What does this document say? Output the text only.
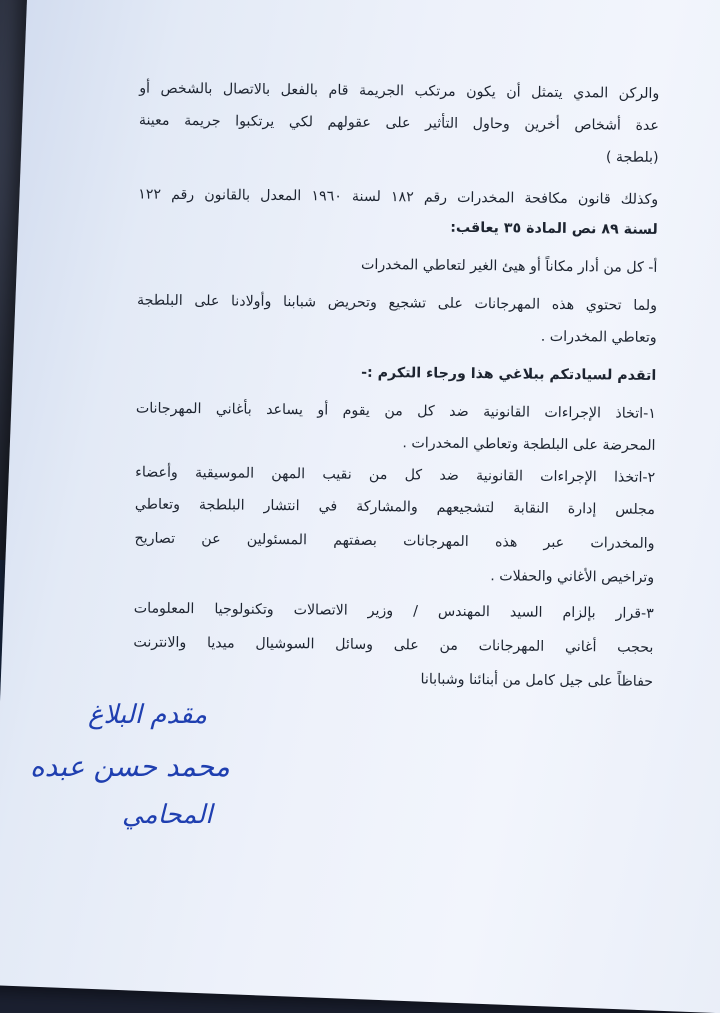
والركن المدي يتمثل أن يكون مرتكب الجريمة قام بالفعل بالاتصال بالشخص أو
عدة أشخاص أخرين وحاول التأثير على عقولهم لكي يرتكبوا جريمة معينة
(بلطجة )
وكذلك قانون مكافحة المخدرات رقم ١٨٢ لسنة ١٩٦٠ المعدل بالقانون رقم ١٢٢
لسنة ٨٩ نص المادة ٣٥ يعاقب:
أ- كل من أدار مكاناً أو هيئ الغير لتعاطي المخدرات
ولما تحتوي هذه المهرجانات على تشجيع وتحريض شبابنا وأولادنا على البلطجة
وتعاطي المخدرات .
اتقدم لسيادتكم ببلاغي هذا ورجاء التكرم :-
١-اتخاذ الإجراءات القانونية ضد كل من يقوم أو يساعد بأغاني المهرجانات
المحرضة على البلطجة وتعاطي المخدرات .
٢-اتخذا الإجراءات القانونية ضد كل من نقيب المهن الموسيقية وأعضاء
مجلس إدارة النقابة لتشجيعهم والمشاركة في انتشار البلطجة وتعاطي
والمخدرات عبر هذه المهرجانات بصفتهم المسئولين عن تصاريح
وتراخيص الأغاني والحفلات .
٣-قرار بإلزام السيد المهندس / وزير الاتصالات وتكنولوجيا المعلومات
بحجب أغاني المهرجانات من على وسائل السوشيال ميديا والانترنت
حفاظاً على جيل كامل من أبنائنا وشبابانا
مقدم البلاغ
محمد حسن عبده
المحامي
